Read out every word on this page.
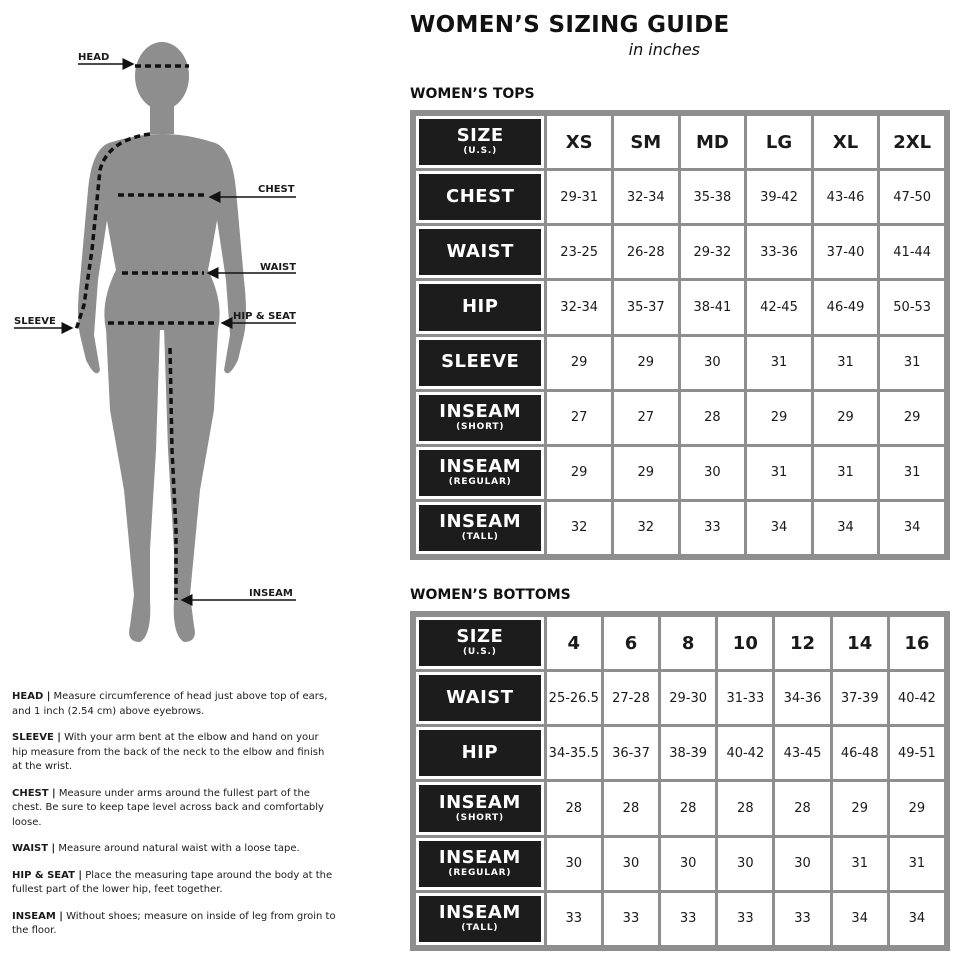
HEAD
CHEST
WAIST
HIP & SEAT
SLEEVE
INSEAM
WOMEN’S SIZING GUIDE
in inches
WOMEN’S TOPS
SIZE
(U.S.)	XS	SM	MD	LG	XL	2XL

CHEST	29-31	32-34	35-38	39-42	43-46	47-50

WAIST	23-25	26-28	29-32	33-36	37-40	41-44

HIP	32-34	35-37	38-41	42-45	46-49	50-53

SLEEVE	29	29	30	31	31	31

INSEAM
(SHORT)	27	27	28	29	29	29

INSEAM
(REGULAR)	29	29	30	31	31	31

INSEAM
(TALL)	32	32	33	34	34	34
WOMEN’S BOTTOMS
SIZE
(U.S.)	4	6	8	10	12	14	16

WAIST	25-26.5	27-28	29-30	31-33	34-36	37-39	40-42

HIP	34-35.5	36-37	38-39	40-42	43-45	46-48	49-51

INSEAM
(SHORT)	28	28	28	28	28	29	29

INSEAM
(REGULAR)	30	30	30	30	30	31	31

INSEAM
(TALL)	33	33	33	33	33	34	34

HEAD | Measure circumference of head just above top of ears, and 1 inch (2.54 cm) above eyebrows.

SLEEVE | With your arm bent at the elbow and hand on your hip measure from the back of the neck to the elbow and finish at the wrist.

CHEST | Measure under arms around the fullest part of the chest. Be sure to keep tape level across back and comfortably loose.

WAIST | Measure around natural waist with a loose tape.

HIP & SEAT | Place the measuring tape around the body at the fullest part of the lower hip, feet together.

INSEAM | Without shoes; measure on inside of leg from groin to the floor.
